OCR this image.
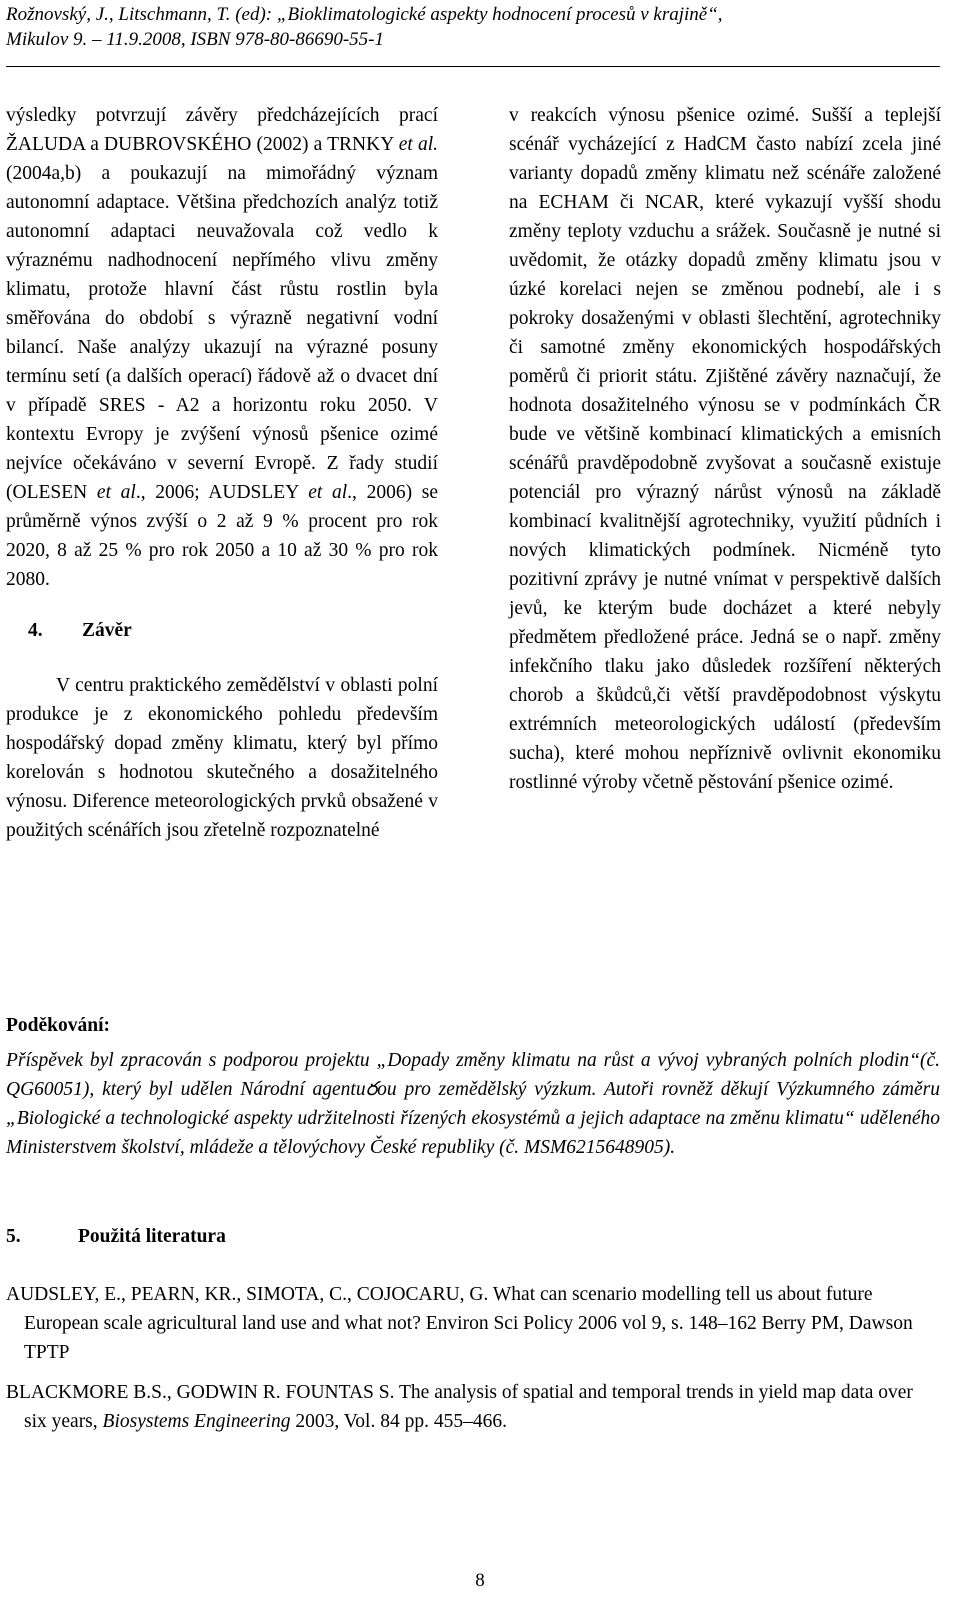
Rožnovský, J., Litschmann, T. (ed): „Bioklimatologické aspekty hodnocení procesů v krajině“,
Mikulov 9. – 11.9.2008, ISBN 978-80-86690-55-1

výsledky potvrzují závěry předcházejících prací ŽALUDA a DUBROVSKÉHO (2002) a TRNKY et al. (2004a,b) a poukazují na mimořádný význam autonomní adaptace. Většina předchozích analýz totiž autonomní adaptaci neuvažovala což vedlo k výraznému nadhodnocení nepřímého vlivu změny klimatu, protože hlavní část růstu rostlin byla směřována do období s výrazně negativní vodní bilancí. Naše analýzy ukazují na výrazné posuny termínu setí (a dalších operací) řádově až o dvacet dní v případě SRES - A2 a horizontu roku 2050. V kontextu Evropy je zvýšení výnosů pšenice ozimé nejvíce očekáváno v severní Evropě. Z řady studií (OLESEN et al., 2006; AUDSLEY et al., 2006) se průměrně výnos zvýší o 2 až 9 % procent pro rok 2020, 8 až 25 % pro rok 2050 a 10 až 30 % pro rok 2080.

4. Závěr

V centru praktického zemědělství v oblasti polní produkce je z ekonomického pohledu především hospodářský dopad změny klimatu, který byl přímo korelován s hodnotou skutečného a dosažitelného výnosu. Diference meteorologických prvků obsažené v použitých scénářích jsou zřetelně rozpoznatelné

v reakcích výnosu pšenice ozimé. Sušší a teplejší scénář vycházející z HadCM často nabízí zcela jiné varianty dopadů změny klimatu než scénáře založené na ECHAM či NCAR, které vykazují vyšší shodu změny teploty vzduchu a srážek. Současně je nutné si uvědomit, že otázky dopadů změny klimatu jsou v úzké korelaci nejen se změnou podnebí, ale i s pokroky dosaženými v oblasti šlechtění, agrotechniky či samotné změny ekonomických hospodářských poměrů či priorit státu. Zjištěné závěry naznačují, že hodnota dosažitelného výnosu se v podmínkách ČR bude ve většině kombinací klimatických a emisních scénářů pravděpodobně zvyšovat a současně existuje potenciál pro výrazný nárůst výnosů na základě kombinací kvalitnější agrotechniky, využití půdních i nových klimatických podmínek. Nicméně tyto pozitivní zprávy je nutné vnímat v perspektivě dalších jevů, ke kterým bude docházet a které nebyly předmětem předložené práce. Jedná se o např. změny infekčního tlaku jako důsledek rozšíření některých chorob a škůdců,či větší pravděpodobnost výskytu extrémních meteorologických událostí (především sucha), které mohou nepříznivě ovlivnit ekonomiku rostlinné výroby včetně pěstování pšenice ozimé.

Poděkování:
Příspěvek byl zpracován s podporou projektu „Dopady změny klimatu na růst a vývoj vybraných polních plodin“(č. QG60051), který byl udělen Národní agentuరou pro zemědělský výzkum. Autoři rovněž děkují Výzkumného záměru „Biologické a technologické aspekty udržitelnosti řízených ekosystémů a jejich adaptace na změnu klimatu“ uděleného Ministerstvem školství, mládeže a tělovýchovy České republiky (č. MSM6215648905).
5.	Použitá literatura

AUDSLEY, E., PEARN, KR., SIMOTA, C., COJOCARU, G. What can scenario modelling tell us about future European scale agricultural land use and what not? Environ Sci Policy 2006 vol 9, s. 148–162 Berry PM, Dawson TPTP

BLACKMORE B.S., GODWIN R. FOUNTAS S. The analysis of spatial and temporal trends in yield map data over six years, Biosystems Engineering 2003, Vol. 84 pp. 455–466.

8
